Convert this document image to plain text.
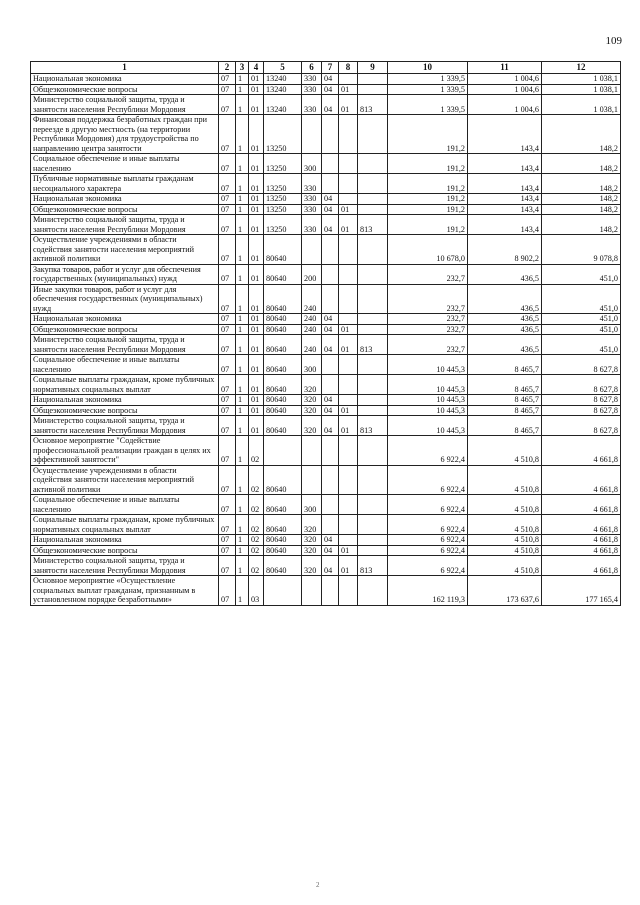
109
1	2	3	4	5	6	7	8	9	10	11	12
Национальная экономика	07	1	01	13240	330	04			1 339,5	1 004,6	1 038,1
Общеэкономические вопросы	07	1	01	13240	330	04	01		1 339,5	1 004,6	1 038,1
Министерство социальной защиты, труда и занятости населения Республики Мордовия	07	1	01	13240	330	04	01	813	1 339,5	1 004,6	1 038,1
Финансовая поддержка безработных граждан при переезде в другую местность (на территории Республики Мордовия) для трудоустройства по направлению центра занятости	07	1	01	13250					191,2	143,4	148,2
Социальное обеспечение и иные выплаты населению	07	1	01	13250	300				191,2	143,4	148,2
Публичные нормативные выплаты гражданам несоциального характера	07	1	01	13250	330				191,2	143,4	148,2
Национальная экономика	07	1	01	13250	330	04			191,2	143,4	148,2
Общеэкономические вопросы	07	1	01	13250	330	04	01		191,2	143,4	148,2
Министерство социальной защиты, труда и занятости населения Республики Мордовия	07	1	01	13250	330	04	01	813	191,2	143,4	148,2
Осуществление учреждениями в области содействия занятости населения мероприятий активной политики	07	1	01	80640					10 678,0	8 902,2	9 078,8
Закупка товаров, работ и услуг для обеспечения государственных (муниципальных) нужд	07	1	01	80640	200				232,7	436,5	451,0
Иные закупки товаров, работ и услуг для обеспечения государственных (муниципальных) нужд	07	1	01	80640	240				232,7	436,5	451,0
Национальная экономика	07	1	01	80640	240	04			232,7	436,5	451,0
Общеэкономические вопросы	07	1	01	80640	240	04	01		232,7	436,5	451,0
Министерство социальной защиты, труда и занятости населения Республики Мордовия	07	1	01	80640	240	04	01	813	232,7	436,5	451,0
Социальное обеспечение и иные выплаты населению	07	1	01	80640	300				10 445,3	8 465,7	8 627,8
Социальные выплаты гражданам, кроме публичных нормативных социальных выплат	07	1	01	80640	320				10 445,3	8 465,7	8 627,8
Национальная экономика	07	1	01	80640	320	04			10 445,3	8 465,7	8 627,8
Общеэкономические вопросы	07	1	01	80640	320	04	01		10 445,3	8 465,7	8 627,8
Министерство социальной защиты, труда и занятости населения Республики Мордовия	07	1	01	80640	320	04	01	813	10 445,3	8 465,7	8 627,8
Основное мероприятие "Содействие профессиональной реализации граждан в целях их эффективной занятости"	07	1	02						6 922,4	4 510,8	4 661,8
Осуществление учреждениями в области содействия занятости населения мероприятий активной политики	07	1	02	80640					6 922,4	4 510,8	4 661,8
Социальное обеспечение и иные выплаты населению	07	1	02	80640	300				6 922,4	4 510,8	4 661,8
Социальные выплаты гражданам, кроме публичных нормативных социальных выплат	07	1	02	80640	320				6 922,4	4 510,8	4 661,8
Национальная экономика	07	1	02	80640	320	04			6 922,4	4 510,8	4 661,8
Общеэкономические вопросы	07	1	02	80640	320	04	01		6 922,4	4 510,8	4 661,8
Министерство социальной защиты, труда и занятости населения Республики Мордовия	07	1	02	80640	320	04	01	813	6 922,4	4 510,8	4 661,8
Основное мероприятие «Осуществление социальных выплат гражданам, признанным в установленном порядке безработными»	07	1	03						162 119,3	173 637,6	177 165,4
2
